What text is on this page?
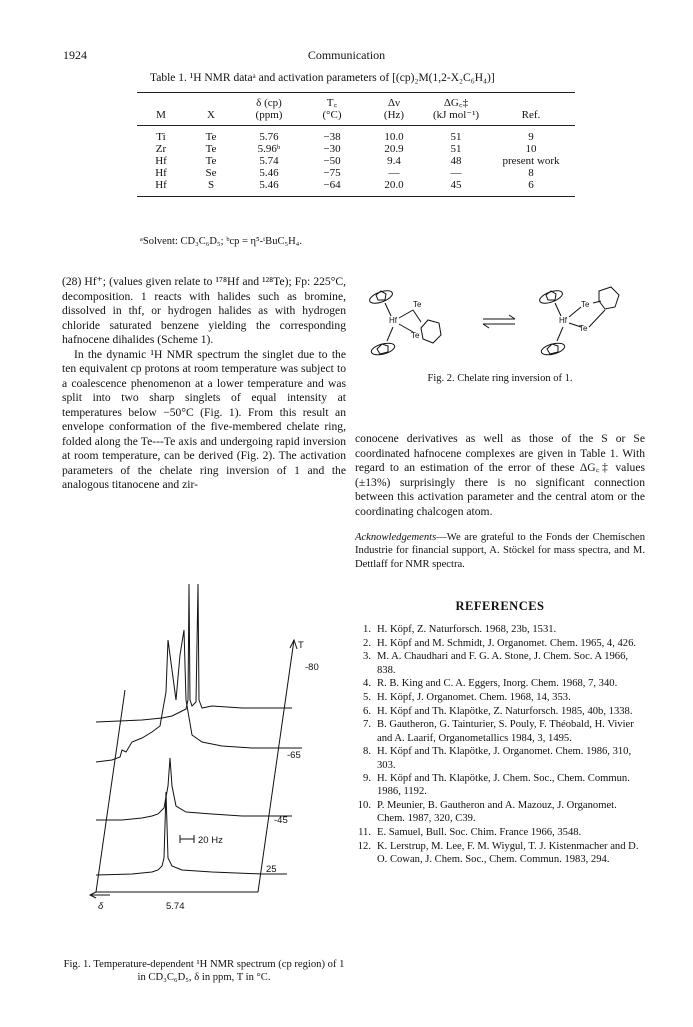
1924	Communication
Table 1. ¹H NMR dataᵃ and activation parameters of [(cp)₂M(1,2-X₂C₆H₄)]
		δ (cp)	T꜀	Δν	ΔG꜀‡	
M	X	(ppm)	(°C)	(Hz)	(kJ mol⁻¹)	Ref.
Ti	Te	5.76	−38	10.0	51	9
Zr	Te	5.96ᵇ	−30	20.9	51	10
Hf	Te	5.74	−50	9.4	48	present work
Hf	Se	5.46	−75	—	—	8
Hf	S	5.46	−64	20.0	45	6
ᵃSolvent: CD₃C₆D₅; ᵇcp = η⁵-ᵗBuC₅H₄.

(28) Hf⁺; (values given relate to ¹⁷⁸Hf and ¹²⁸Te); Fp: 225°C, decomposition. 1 reacts with halides such as bromine, dissolved in thf, or hydrogen halides as with hydrogen chloride saturated benzene yielding the corresponding hafnocene dihalides (Scheme 1).

In the dynamic ¹H NMR spectrum the singlet due to the ten equivalent cp protons at room temperature was subject to a coalescence phenomenon at a lower temperature and was split into two sharp singlets of equal intensity at temperatures below −50°C (Fig. 1). From this result an envelope conformation of the five-membered chelate ring, folded along the Te---Te axis and undergoing rapid inversion at room temperature, can be derived (Fig. 2). The activation parameters of the chelate ring inversion of 1 and the analogous titanocene and zir-

Hf
Te
Te
Hf
Te
Te
Fig. 2. Chelate ring inversion of 1.

conocene derivatives as well as those of the S or Se coordinated hafnocene complexes are given in Table 1. With regard to an estimation of the error of these ΔG꜀‡ values (±13%) surprisingly there is no significant connection between this activation parameter and the central atom or the coordinating chalcogen atom.

Acknowledgements—We are grateful to the Fonds der Chemischen Industrie for financial support, A. Stöckel for mass spectra, and M. Dettlaff for NMR spectra.
REFERENCES
1. H. Köpf, Z. Naturforsch. 1968, 23b, 1531.
2. H. Köpf and M. Schmidt, J. Organomet. Chem. 1965, 4, 426.
3. M. A. Chaudhari and F. G. A. Stone, J. Chem. Soc. A 1966, 838.
4. R. B. King and C. A. Eggers, Inorg. Chem. 1968, 7, 340.
5. H. Köpf, J. Organomet. Chem. 1968, 14, 353.
6. H. Köpf and Th. Klapötke, Z. Naturforsch. 1985, 40b, 1338.
7. B. Gautheron, G. Tainturier, S. Pouly, F. Théobald, H. Vivier and A. Laarif, Organometallics 1984, 3, 1495.
8. H. Köpf and Th. Klapötke, J. Organomet. Chem. 1986, 310, 303.
9. H. Köpf and Th. Klapötke, J. Chem. Soc., Chem. Commun. 1986, 1192.
10. P. Meunier, B. Gautheron and A. Mazouz, J. Organomet. Chem. 1987, 320, C39.
11. E. Samuel, Bull. Soc. Chim. France 1966, 3548.
12. K. Lerstrup, M. Lee, F. M. Wiygul, T. J. Kistenmacher and D. O. Cowan, J. Chem. Soc., Chem. Commun. 1983, 294.
T
-80
-65
-45
25
20 Hz
δ	5.74
Fig. 1. Temperature-dependent ¹H NMR spectrum (cp region) of 1 in CD₃C₆D₅, δ in ppm, T in °C.
